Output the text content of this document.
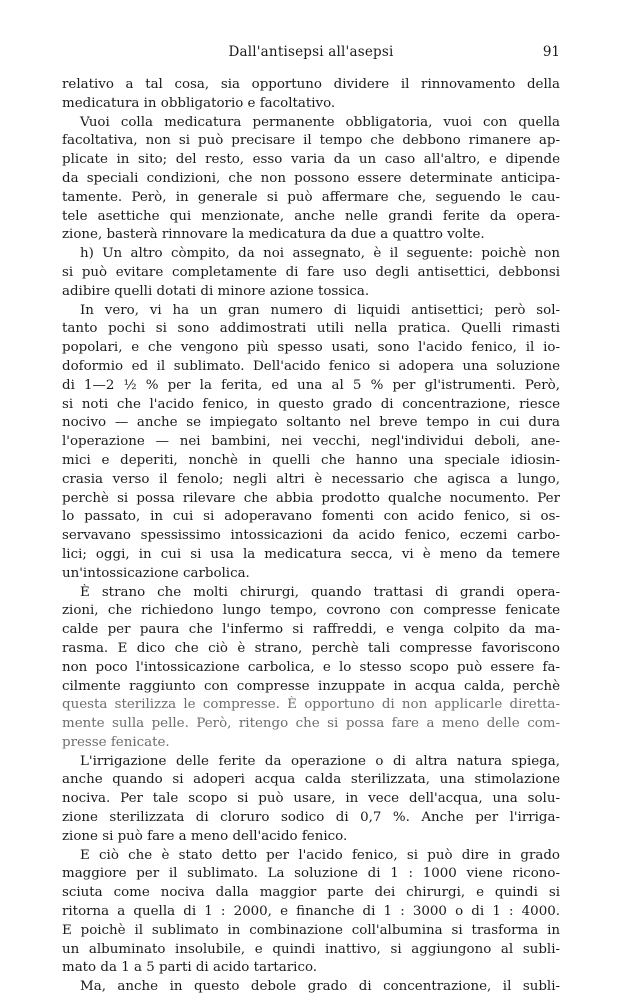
Dall'antisepsi all'asepsi	91
relativo a tal cosa, sia opportuno dividere il rinnovamento della
medicatura in obbligatorio e facoltativo.
Vuoi colla medicatura permanente obbligatoria, vuoi con quella
facoltativa, non si può precisare il tempo che debbono rimanere ap-
plicate in sito; del resto, esso varia da un caso all'altro, e dipende
da speciali condizioni, che non possono essere determinate anticipa-
tamente. Però, in generale si può affermare che, seguendo le cau-
tele asettiche qui menzionate, anche nelle grandi ferite da opera-
zione, basterà rinnovare la medicatura da due a quattro volte.
h) Un altro còmpito, da noi assegnato, è il seguente: poichè non
si può evitare completamente di fare uso degli antisettici, debbonsi
adibire quelli dotati di minore azione tossica.
In vero, vi ha un gran numero di liquidi antisettici; però sol-
tanto pochi si sono addimostrati utili nella pratica. Quelli rimasti
popolari, e che vengono più spesso usati, sono l'acido fenico, il io-
doformio ed il sublimato. Dell'acido fenico si adopera una soluzione
di 1—2 ½ % per la ferita, ed una al 5 % per gl'istrumenti. Però,
si noti che l'acido fenico, in questo grado di concentrazione, riesce
nocivo — anche se impiegato soltanto nel breve tempo in cui dura
l'operazione — nei bambini, nei vecchi, negl'individui deboli, ane-
mici e deperiti, nonchè in quelli che hanno una speciale idiosin-
crasia verso il fenolo; negli altri è necessario che agisca a lungo,
perchè si possa rilevare che abbia prodotto qualche nocumento. Per
lo passato, in cui si adoperavano fomenti con acido fenico, si os-
servavano spessissimo intossicazioni da acido fenico, eczemi carbo-
lici; oggi, in cui si usa la medicatura secca, vi è meno da temere
un'intossicazione carbolica.
È strano che molti chirurgi, quando trattasi di grandi opera-
zioni, che richiedono lungo tempo, covrono con compresse fenicate
calde per paura che l'infermo si raffreddi, e venga colpito da ma-
rasma. E dico che ciò è strano, perchè tali compresse favoriscono
non poco l'intossicazione carbolica, e lo stesso scopo può essere fa-
cilmente raggiunto con compresse inzuppate in acqua calda, perchè
questa sterilizza le compresse. È opportuno di non applicarle diretta-
mente sulla pelle. Però, ritengo che si possa fare a meno delle com-
presse fenicate.
L'irrigazione delle ferite da operazione o di altra natura spiega,
anche quando si adoperi acqua calda sterilizzata, una stimolazione
nociva. Per tale scopo si può usare, in vece dell'acqua, una solu-
zione sterilizzata di cloruro sodico di 0,7 %. Anche per l'irriga-
zione si può fare a meno dell'acido fenico.
E ciò che è stato detto per l'acido fenico, si può dire in grado
maggiore per il sublimato. La soluzione di 1 : 1000 viene ricono-
sciuta come nociva dalla maggior parte dei chirurgi, e quindi si
ritorna a quella di 1 : 2000, e finanche di 1 : 3000 o di 1 : 4000.
E poichè il sublimato in combinazione coll'albumina si trasforma in
un albuminato insolubile, e quindi inattivo, si aggiungono al subli-
mato da 1 a 5 parti di acido tartarico.
Ma, anche in questo debole grado di concentrazione, il subli-
